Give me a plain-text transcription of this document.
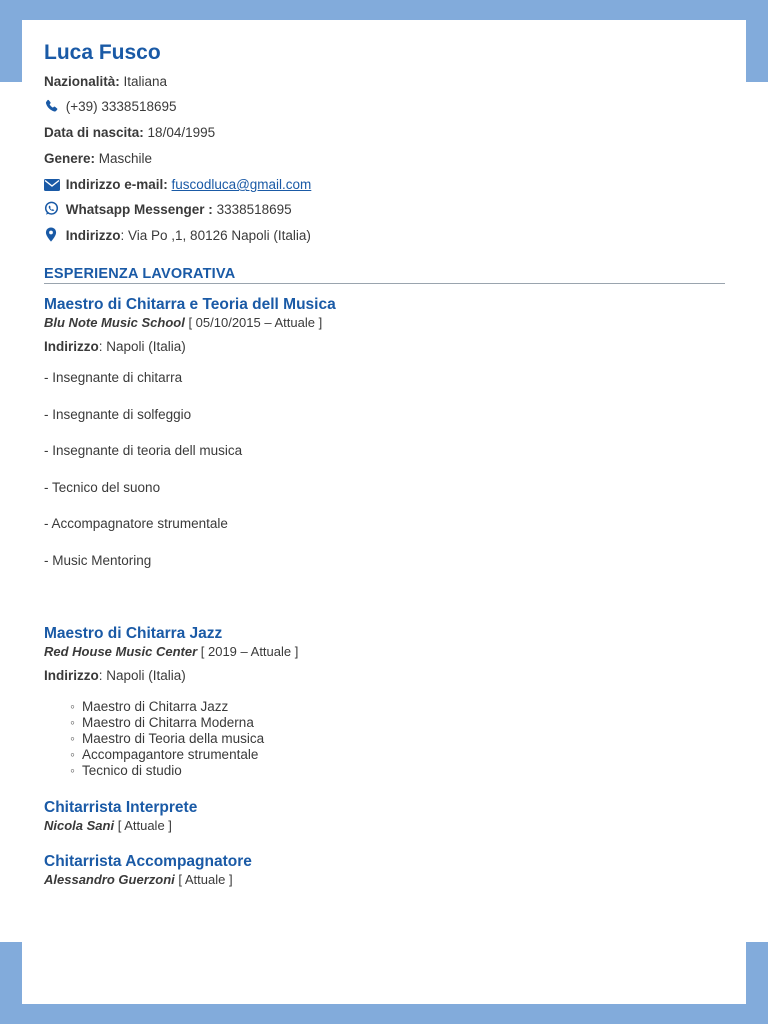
Luca Fusco
Nazionalità: Italiana
(+39) 3338518695
Data di nascita: 18/04/1995
Genere: Maschile
Indirizzo e-mail: fuscodluca@gmail.com
Whatsapp Messenger : 3338518695
Indirizzo: Via Po ,1, 80126 Napoli (Italia)
ESPERIENZA LAVORATIVA
Maestro di Chitarra e Teoria dell Musica
Blu Note Music School [ 05/10/2015 – Attuale ]
Indirizzo: Napoli (Italia)
- Insegnante di chitarra
- Insegnante di solfeggio
- Insegnante di teoria dell musica
- Tecnico del suono
- Accompagnatore strumentale
- Music Mentoring
Maestro di Chitarra Jazz
Red House Music Center [ 2019 – Attuale ]
Indirizzo: Napoli (Italia)
◦ Maestro di Chitarra Jazz
◦ Maestro di Chitarra Moderna
◦ Maestro di Teoria della musica
◦ Accompagantore strumentale
◦ Tecnico di studio
Chitarrista Interprete
Nicola Sani [ Attuale ]
Chitarrista Accompagnatore
Alessandro Guerzoni [ Attuale ]
